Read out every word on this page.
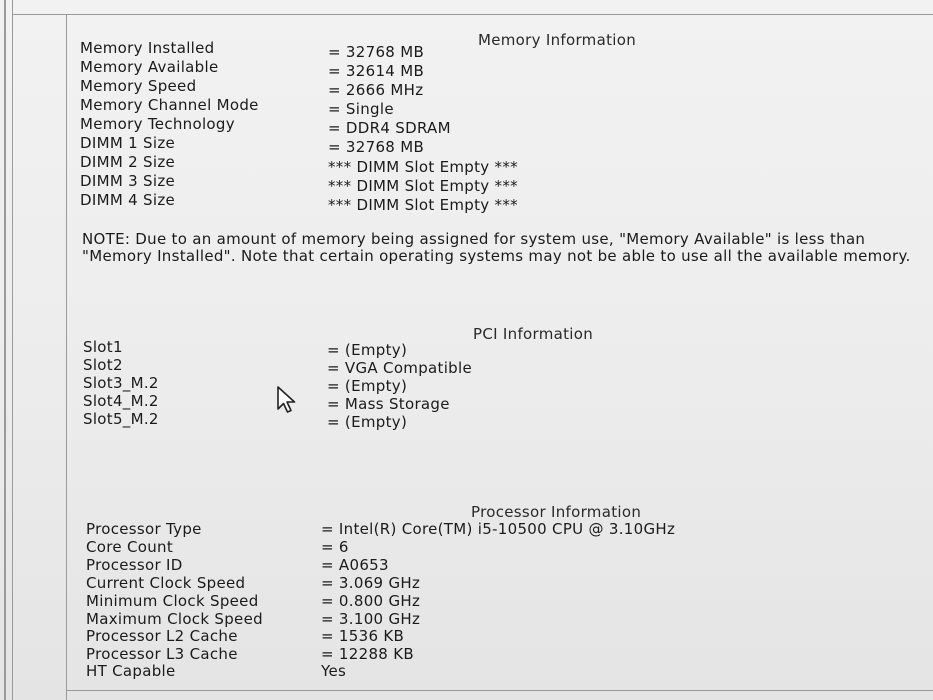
Memory Information
Memory Installed	= 32768 MB
Memory Available	= 32614 MB
Memory Speed	= 2666 MHz
Memory Channel Mode	= Single
Memory Technology	= DDR4 SDRAM
DIMM 1 Size	= 32768 MB
DIMM 2 Size	*** DIMM Slot Empty ***
DIMM 3 Size	*** DIMM Slot Empty ***
DIMM 4 Size	*** DIMM Slot Empty ***
NOTE: Due to an amount of memory being assigned for system use, "Memory Available" is less than "Memory Installed". Note that certain operating systems may not be able to use all the available memory.
PCI Information
Slot1	= (Empty)
Slot2	= VGA Compatible
Slot3_M.2	= (Empty)
Slot4_M.2	= Mass Storage
Slot5_M.2	= (Empty)
Processor Information
Processor Type	= Intel(R) Core(TM) i5-10500 CPU @ 3.10GHz
Core Count	= 6
Processor ID	= A0653
Current Clock Speed	= 3.069 GHz
Minimum Clock Speed	= 0.800 GHz
Maximum Clock Speed	= 3.100 GHz
Processor L2 Cache	= 1536 KB
Processor L3 Cache	= 12288 KB
HT Capable	Yes
